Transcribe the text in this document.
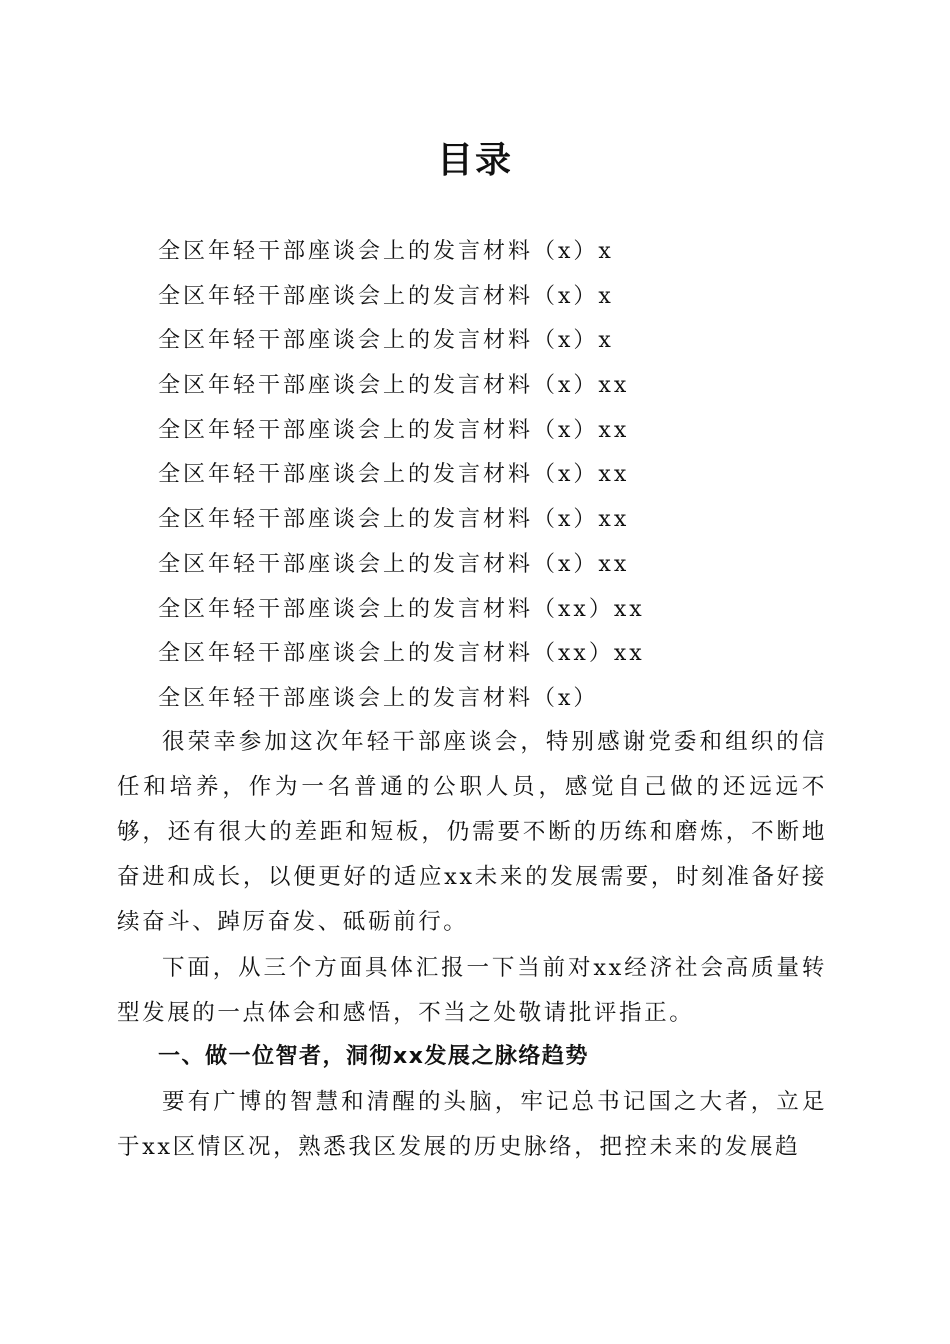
目录
全区年轻干部座谈会上的发言材料（x）x
全区年轻干部座谈会上的发言材料（x）x
全区年轻干部座谈会上的发言材料（x）x
全区年轻干部座谈会上的发言材料（x）xx
全区年轻干部座谈会上的发言材料（x）xx
全区年轻干部座谈会上的发言材料（x）xx
全区年轻干部座谈会上的发言材料（x）xx
全区年轻干部座谈会上的发言材料（x）xx
全区年轻干部座谈会上的发言材料（xx）xx
全区年轻干部座谈会上的发言材料（xx）xx
全区年轻干部座谈会上的发言材料（x）

很荣幸参加这次年轻干部座谈会，特别感谢党委和组织的信任和培养，作为一名普通的公职人员，感觉自己做的还远远不够，还有很大的差距和短板，仍需要不断的历练和磨炼，不断地奋进和成长，以便更好的适应xx未来的发展需要，时刻准备好接续奋斗、踔厉奋发、砥砺前行。

下面，从三个方面具体汇报一下当前对xx经济社会高质量转型发展的一点体会和感悟，不当之处敬请批评指正。

一、做一位智者，洞彻xx发展之脉络趋势

要有广博的智慧和清醒的头脑，牢记总书记国之大者，立足于xx区情区况，熟悉我区发展的历史脉络，把控未来的发展趋
